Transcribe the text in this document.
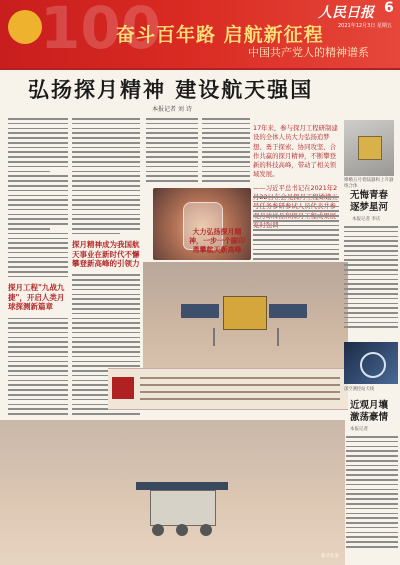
100
奋斗百年路 启航新征程
中国共产党人的精神谱系
人民日报 6
2021年12月3日 星期五
弘扬探月精神 建设航天强国
本报记者 刘 诗
探月工程"九战九捷"，开启人类月球探测新篇章
探月精神成为我国航天事业在新时代不懈攀登新高峰的引领力
17年来，参与探月工程研制建设的全体人员大力弘扬追梦想、勇于探索、协同攻坚、合作共赢的探月精神，不断攀登新的科技高峰，带动了相关领域发展。
——习近平总书记在2021年2
大力弘扬探月精神，一步一个脚印勇攀航天新高峰
嫦娥五号着陆器和上升器组合体
无悔青春
逐梦星河
本报记者 李庆
深空测控站天线
近观月壤
激荡豪情
本报记者
新华社发
